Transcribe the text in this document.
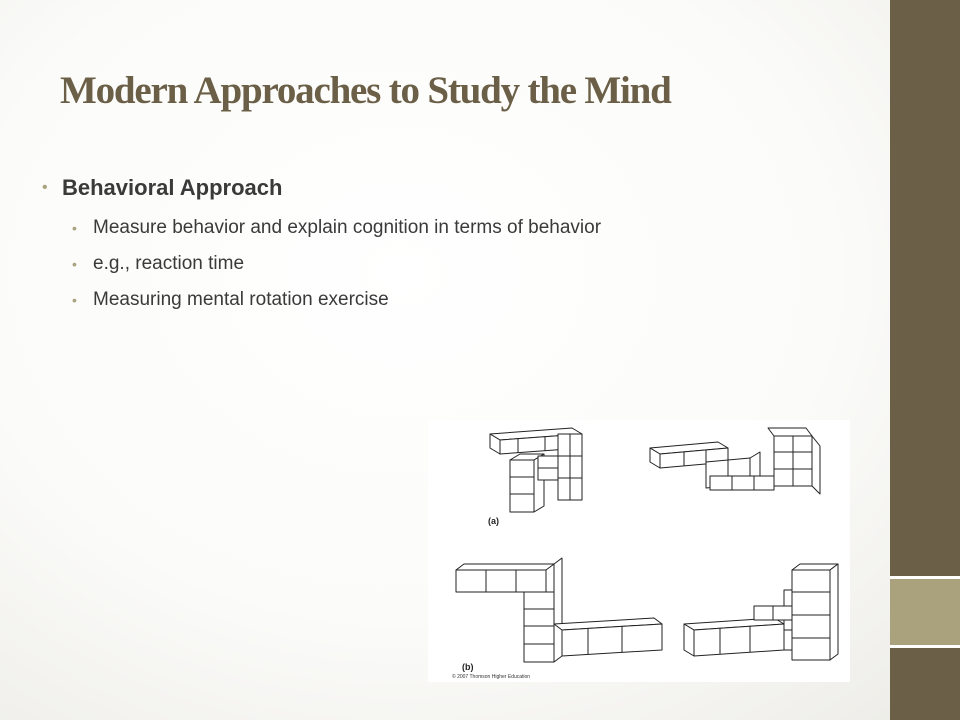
Modern Approaches to Study the Mind
• Behavioral Approach
• Measure behavior and explain cognition in terms of behavior
• e.g., reaction time
• Measuring mental rotation exercise
(a)
(b)
© 2007 Thomson Higher Education
